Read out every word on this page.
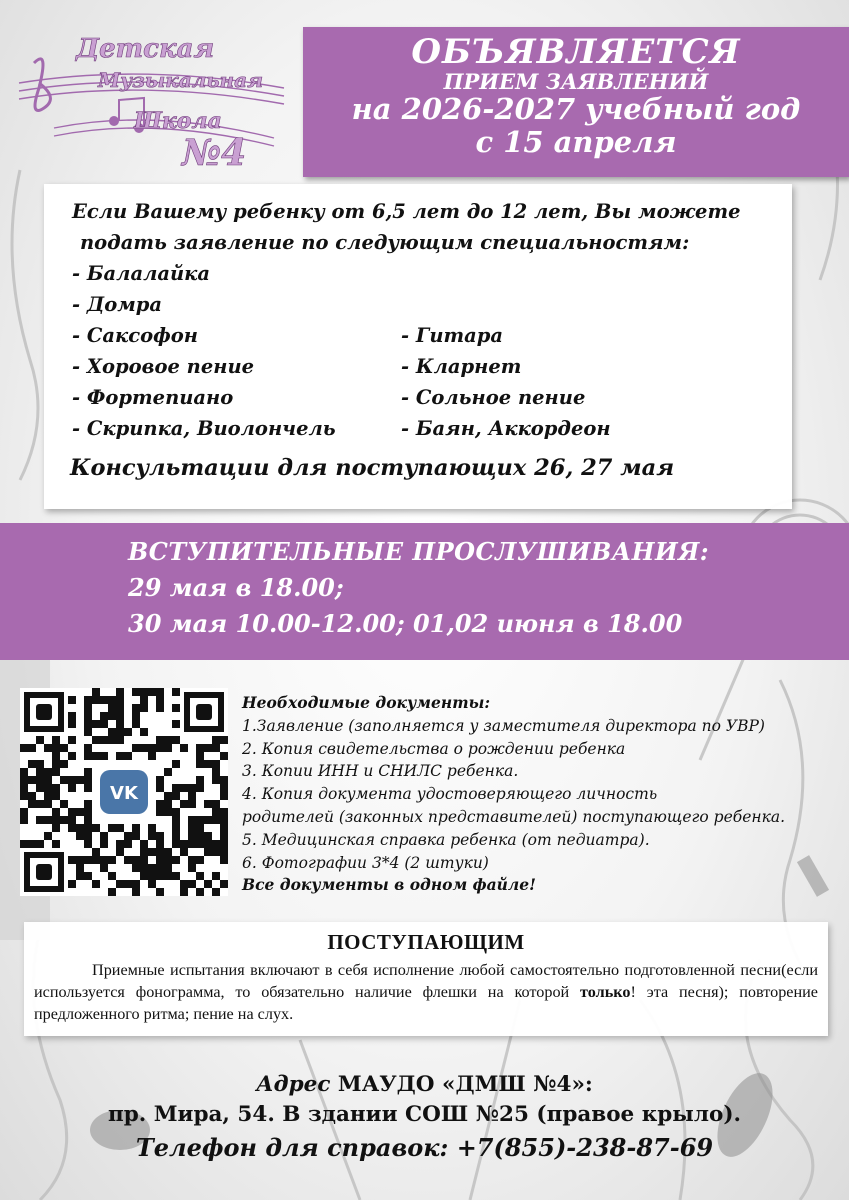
Детская
Музыкальная
Школа
№4
ОБЪЯВЛЯЕТСЯ
ПРИЕМ ЗАЯВЛЕНИЙ
на 2026-2027 учебный год
с 15 апреля
Если Вашему ребенку от 6,5 лет до 12 лет, Вы можете
подать заявление по следующим специальностям:
- Балалайка
- Домра
- Саксофон
- Хоровое пение
- Фортепиано
- Скрипка, Виолончель
- Гитара
- Кларнет
- Сольное пение
- Баян, Аккордеон
Консультации для поступающих 26, 27 мая
ВСТУПИТЕЛЬНЫЕ ПРОСЛУШИВАНИЯ:
29 мая в 18.00;
30 мая 10.00-12.00; 01,02 июня в 18.00
VK
Необходимые документы:
1.Заявление (заполняется у заместителя директора по УВР)
2. Копия свидетельства о рождении ребенка
3. Копии ИНН и СНИЛС ребенка.
4. Копия документа удостоверяющего личность
родителей (законных представителей) поступающего ребенка.
5. Медицинская справка ребенка (от педиатра).
6. Фотографии 3*4 (2 штуки)
Все документы в одном файле!
ПОСТУПАЮЩИМ
Приемные испытания включают в себя исполнение любой самостоятельно подготовленной песни(если используется фонограмма, то обязательно наличие флешки на которой только! эта песня); повторение предложенного ритма; пение на слух.
Адрес МАУДО «ДМШ №4»:
пр. Мира, 54. В здании СОШ №25 (правое крыло).
Телефон для справок: +7(855)-238-87-69
